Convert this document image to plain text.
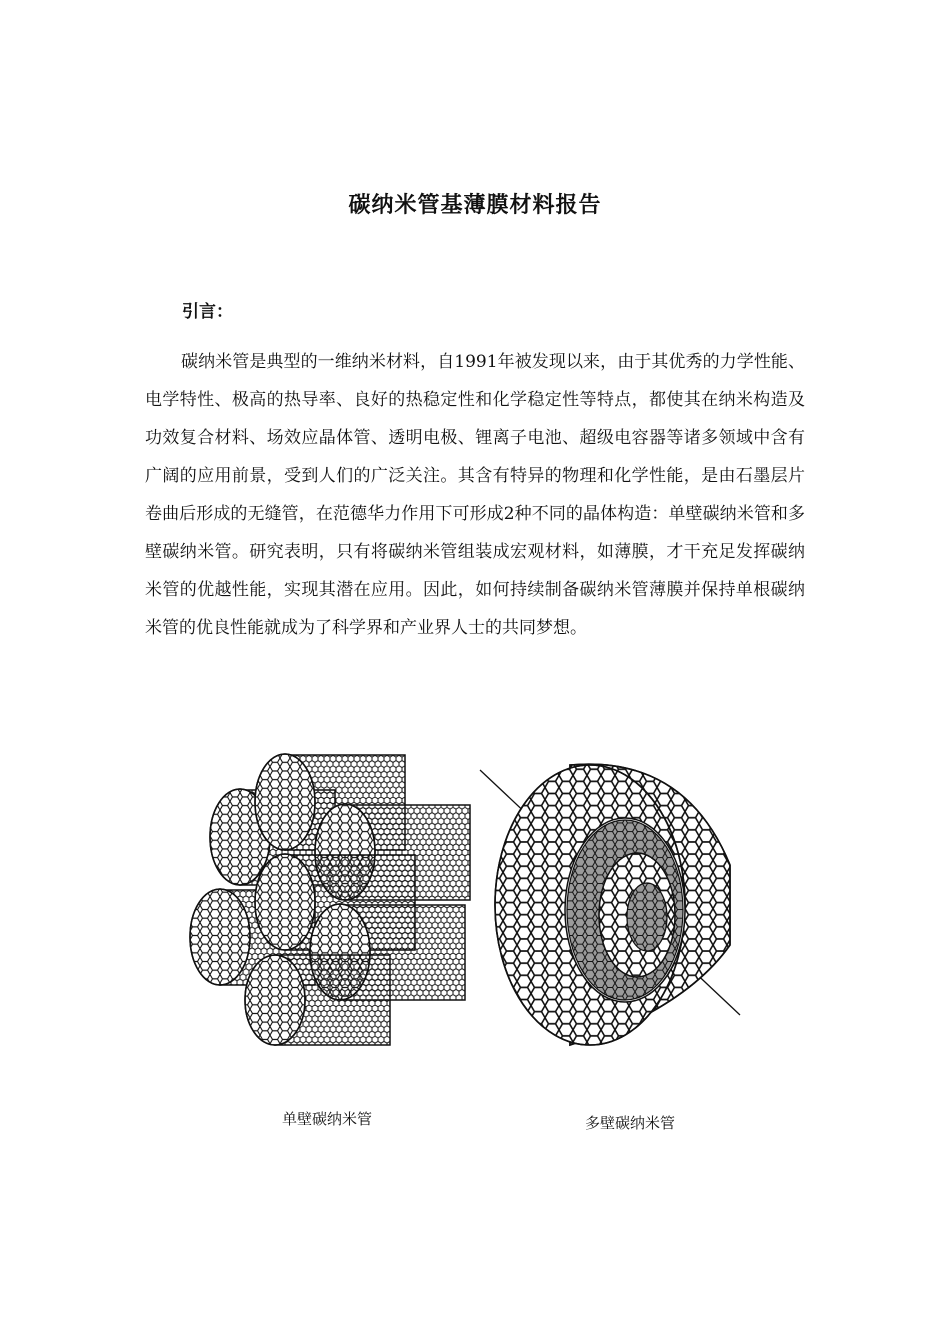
碳纳米管基薄膜材料报告
引言：

碳纳米管是典型的一维纳米材料，自1991年被发现以来，由于其优秀的力学性能、电学特性、极高的热导率、良好的热稳定性和化学稳定性等特点，都使其在纳米构造及功效复合材料、场效应晶体管、透明电极、锂离子电池、超级电容器等诸多领域中含有广阔的应用前景，受到人们的广泛关注。其含有特异的物理和化学性能，是由石墨层片卷曲后形成的无缝管，在范德华力作用下可形成2种不同的晶体构造：单壁碳纳米管和多壁碳纳米管。研究表明，只有将碳纳米管组装成宏观材料，如薄膜，才干充足发挥碳纳米管的优越性能，实现其潜在应用。因此，如何持续制备碳纳米管薄膜并保持单根碳纳米管的优良性能就成为了科学界和产业界人士的共同梦想。

单壁碳纳米管	多壁碳纳米管
